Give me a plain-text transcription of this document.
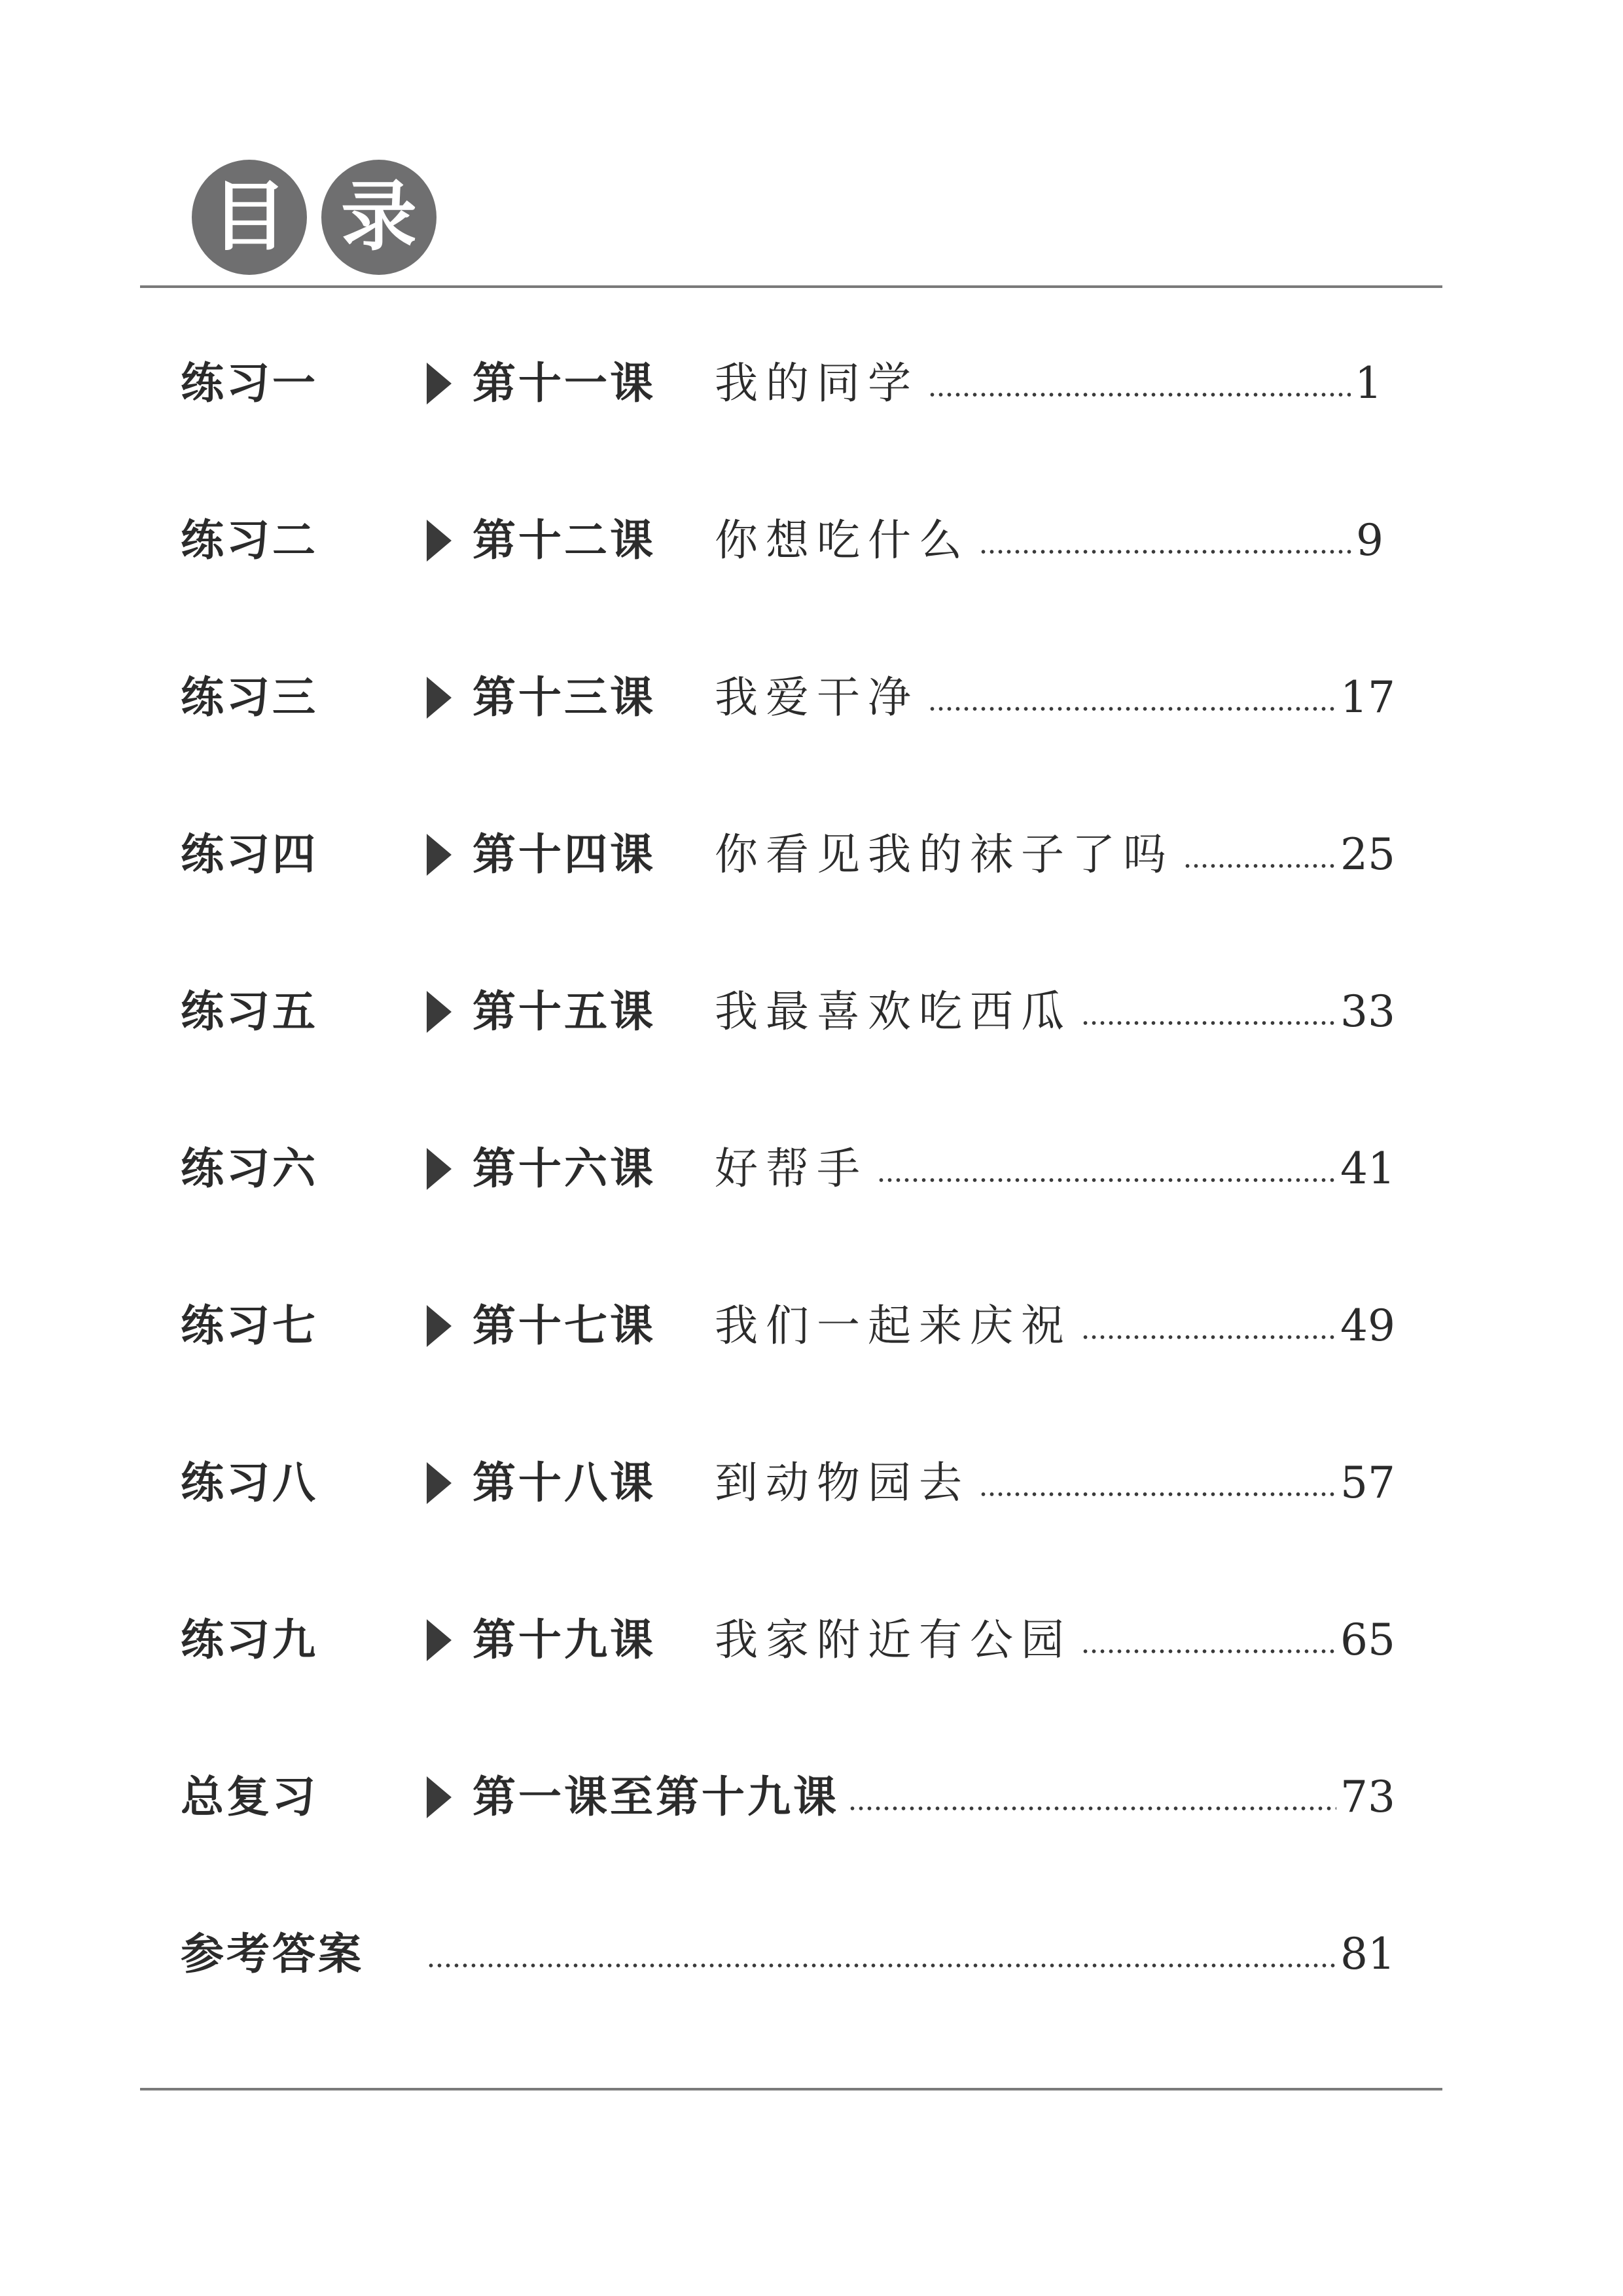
目 录
练习一	第十一课 我的同学	1
练习二	第十二课 你想吃什么	9
练习三	第十三课 我爱干净	17
练习四	第十四课 你看见我的袜子了吗	25
练习五	第十五课 我最喜欢吃西瓜	33
练习六	第十六课 好帮手	41
练习七	第十七课 我们一起来庆祝	49
练习八	第十八课 到动物园去	57
练习九	第十九课 我家附近有公园	65
总复习	第一课至第十九课	73
参考答案	81
